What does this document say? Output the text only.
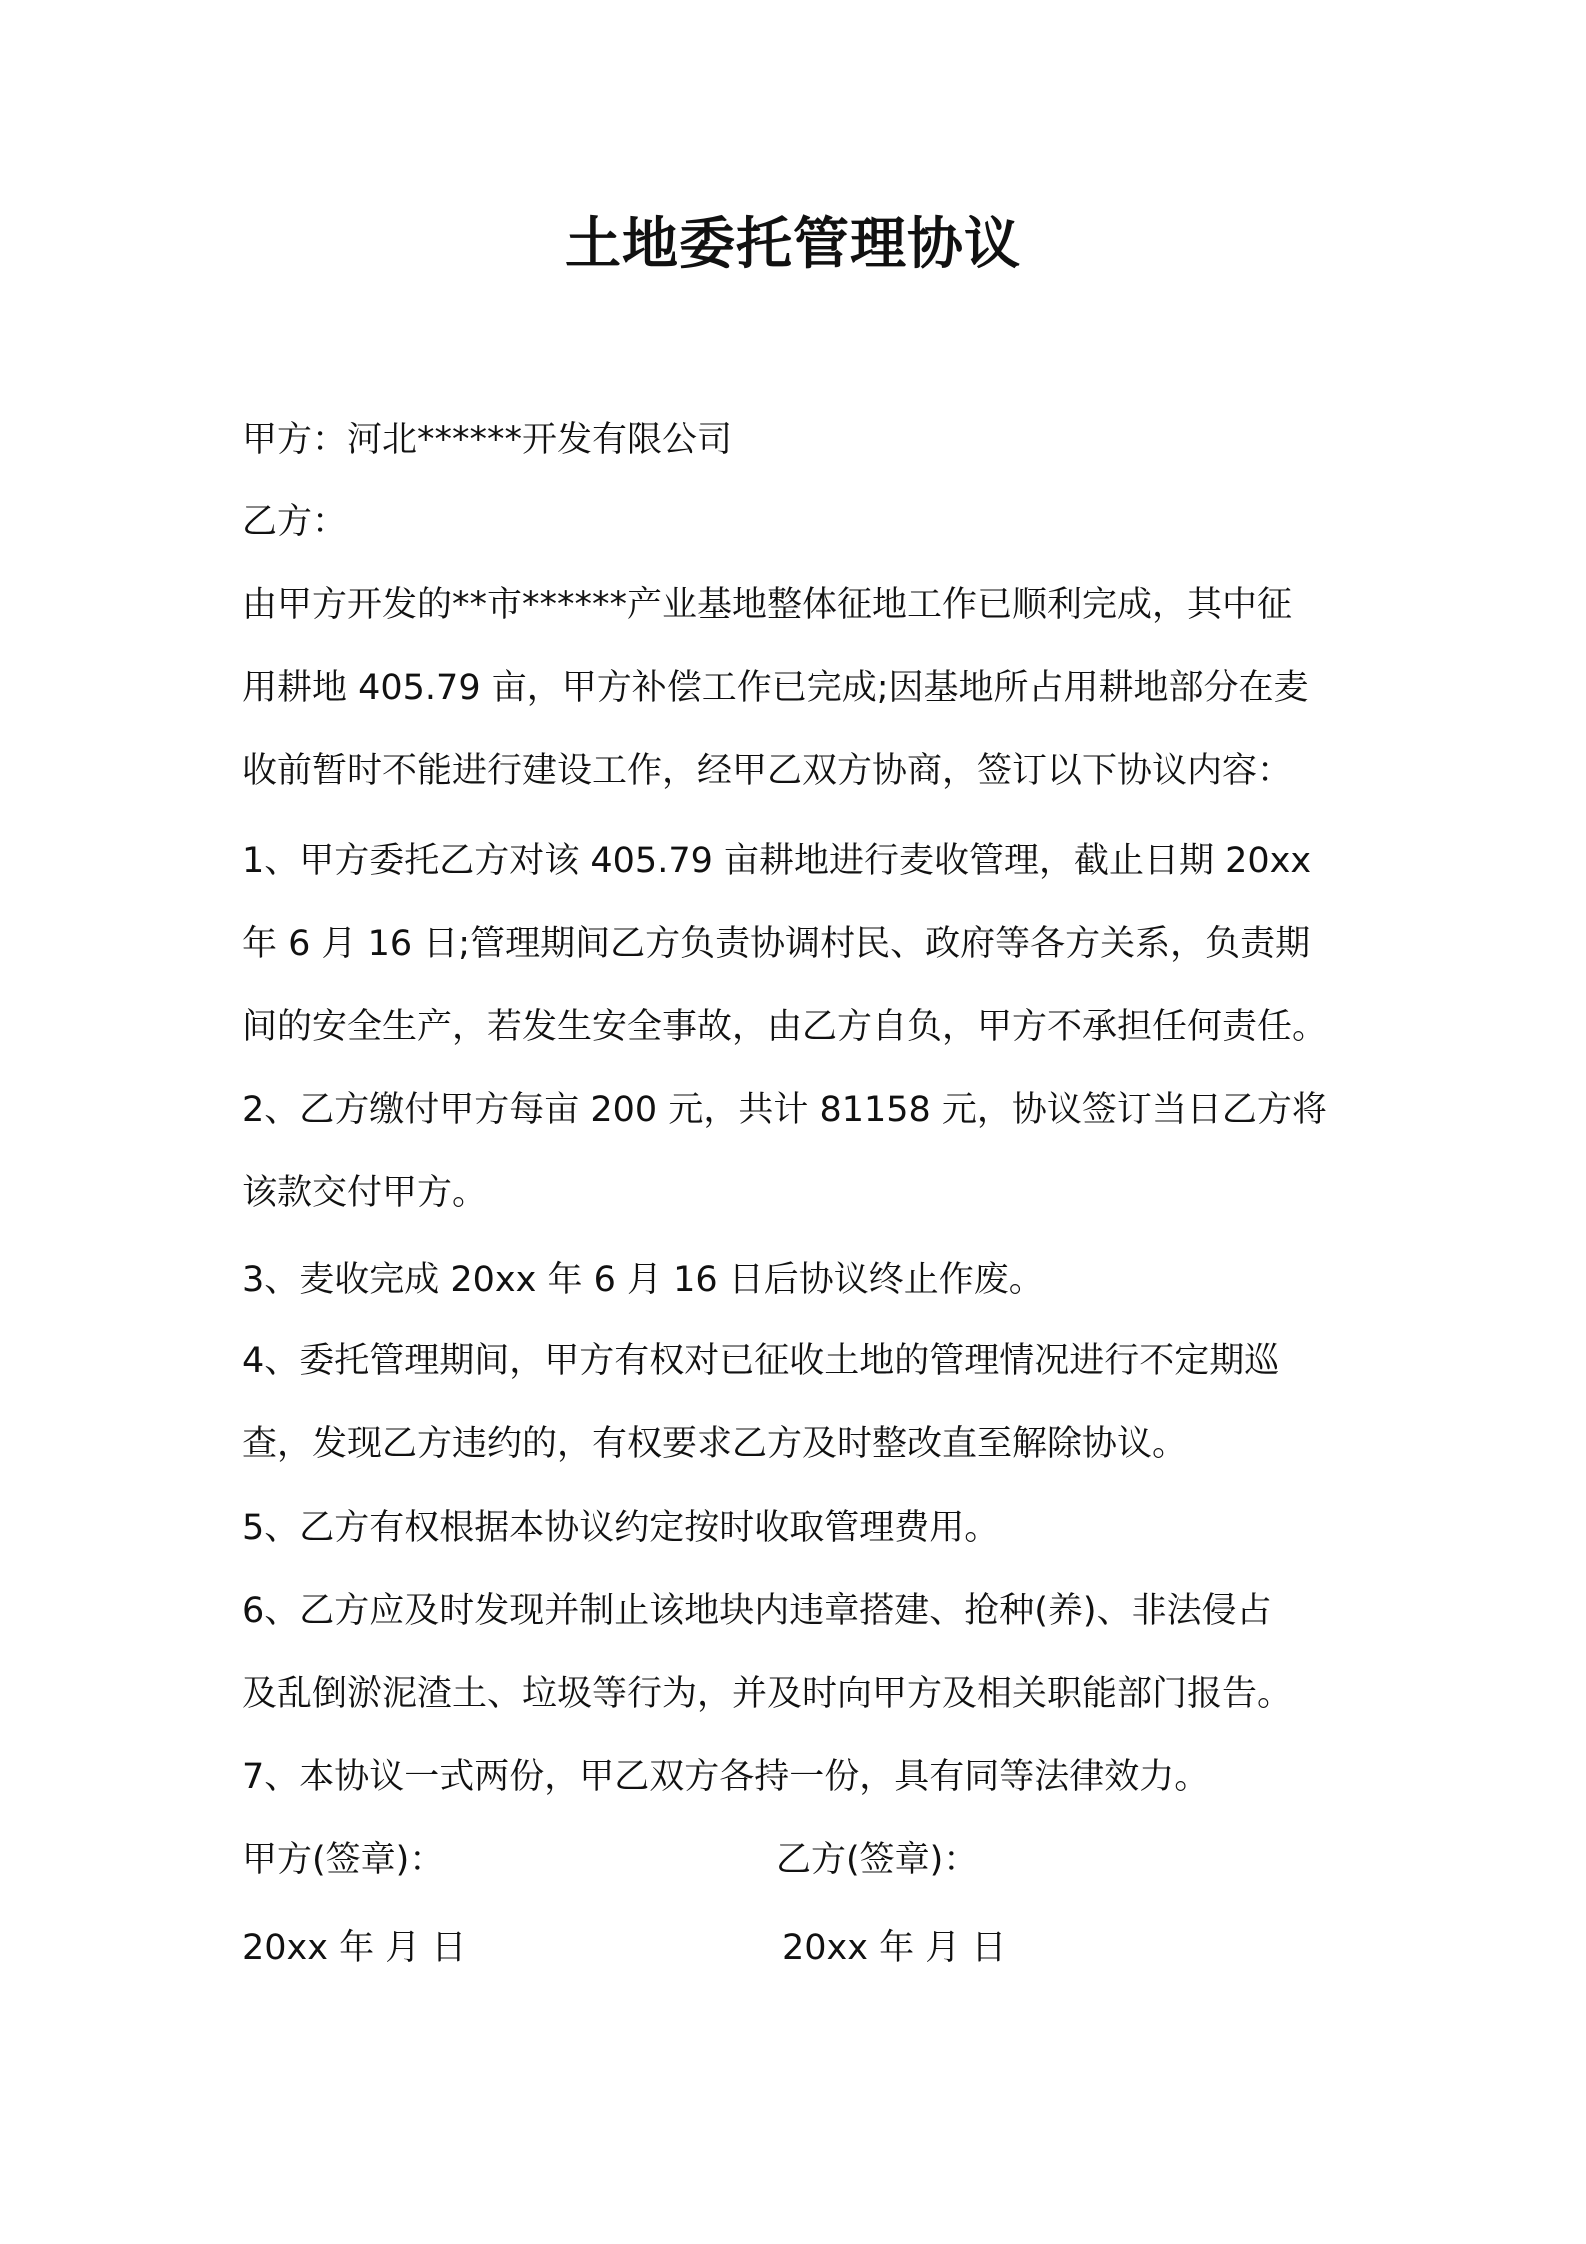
土地委托管理协议

甲方：河北******开发有限公司

乙方：

由甲方开发的**市******产业基地整体征地工作已顺利完成，其中征

用耕地 405.79 亩，甲方补偿工作已完成;因基地所占用耕地部分在麦

收前暂时不能进行建设工作，经甲乙双方协商，签订以下协议内容：

1、甲方委托乙方对该 405.79 亩耕地进行麦收管理，截止日期 20xx

年 6 月 16 日;管理期间乙方负责协调村民、政府等各方关系，负责期

间的安全生产，若发生安全事故，由乙方自负，甲方不承担任何责任。

2、乙方缴付甲方每亩 200 元，共计 81158 元，协议签订当日乙方将

该款交付甲方。

3、麦收完成 20xx 年 6 月 16 日后协议终止作废。

4、委托管理期间，甲方有权对已征收土地的管理情况进行不定期巡

查，发现乙方违约的，有权要求乙方及时整改直至解除协议。

5、乙方有权根据本协议约定按时收取管理费用。

6、乙方应及时发现并制止该地块内违章搭建、抢种(养)、非法侵占

及乱倒淤泥渣土、垃圾等行为，并及时向甲方及相关职能部门报告。

7、本协议一式两份，甲乙双方各持一份，具有同等法律效力。

甲方(签章)：	乙方(签章)：

20xx 年 月 日	20xx 年 月 日
